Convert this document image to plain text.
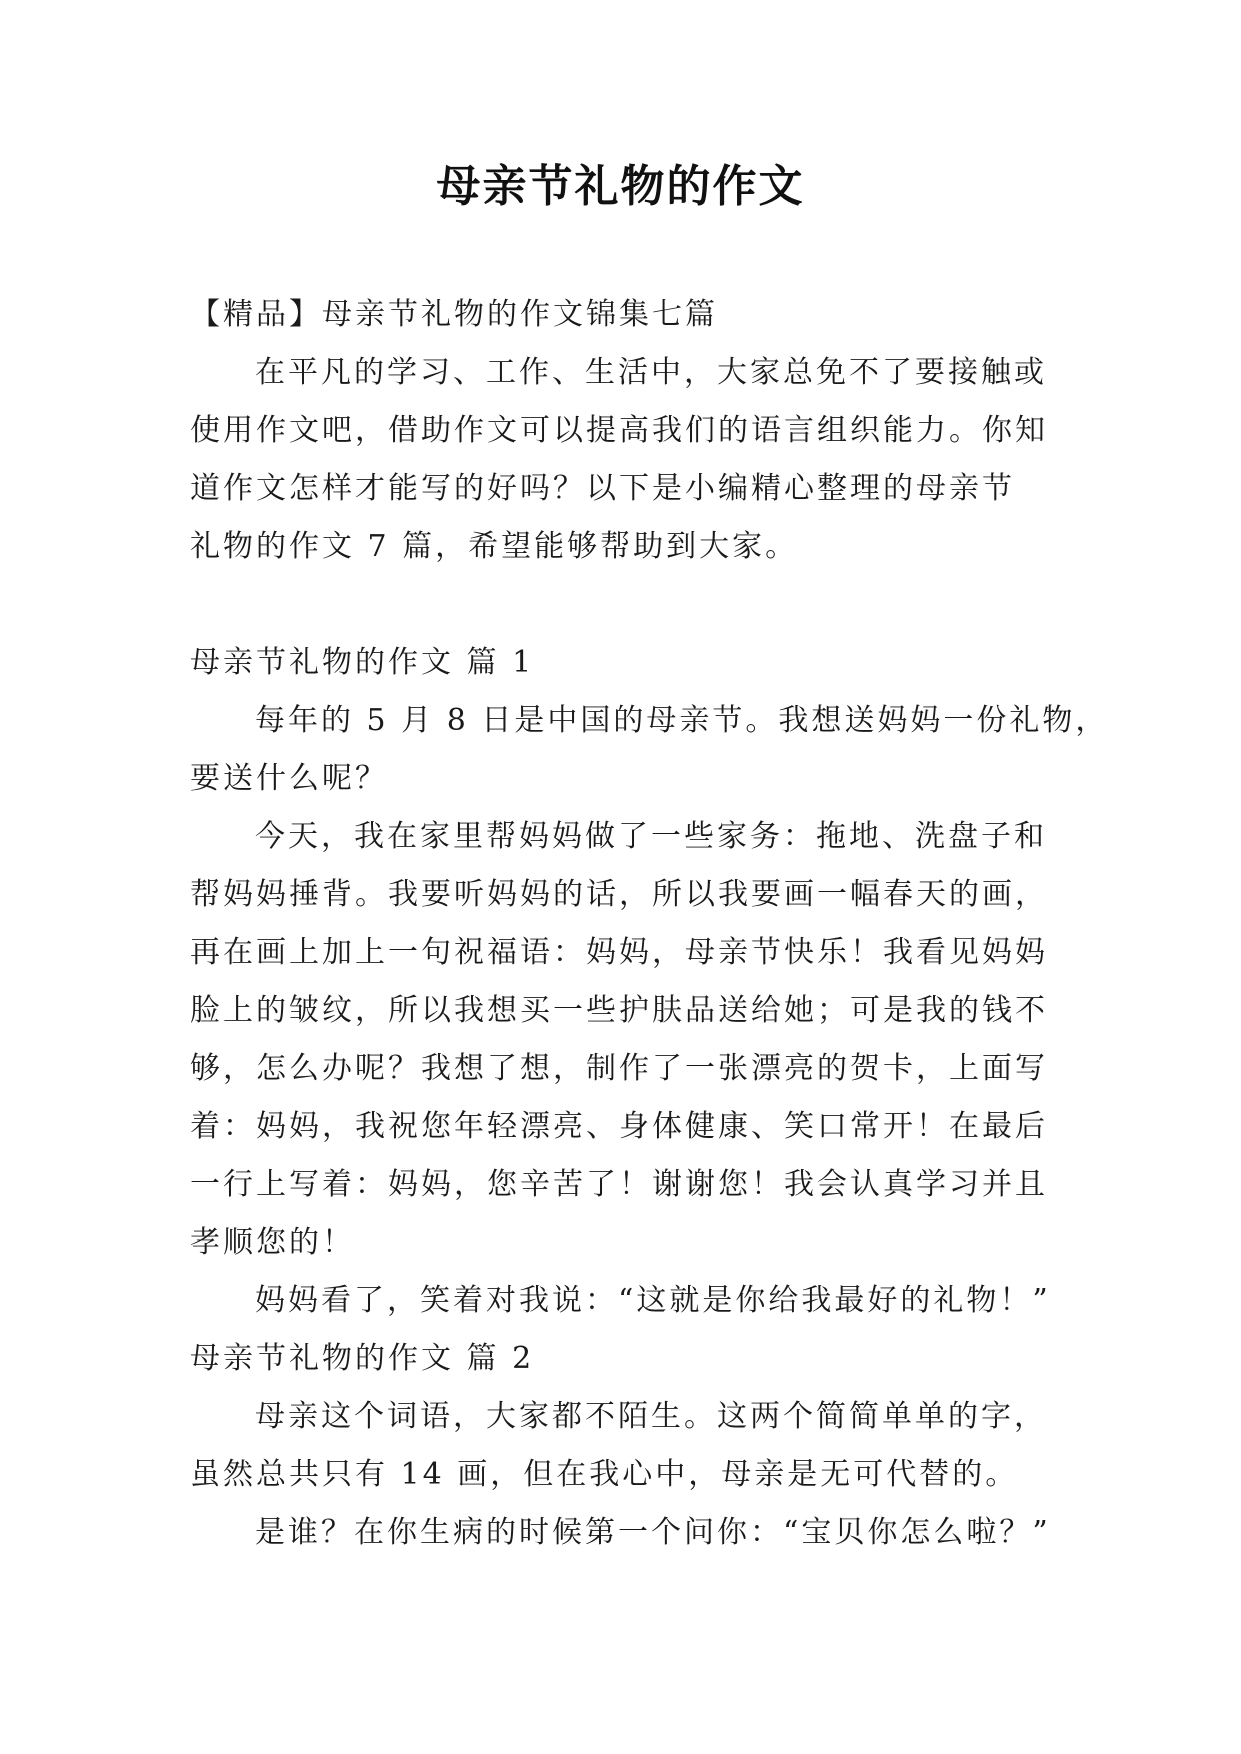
母亲节礼物的作文
【精品】母亲节礼物的作文锦集七篇
在平凡的学习、工作、生活中，大家总免不了要接触或
使用作文吧，借助作文可以提高我们的语言组织能力。你知
道作文怎样才能写的好吗？以下是小编精心整理的母亲节
礼物的作文 7 篇，希望能够帮助到大家。
母亲节礼物的作文 篇 1
每年的 5 月 8 日是中国的母亲节。我想送妈妈一份礼物，
要送什么呢？
今天，我在家里帮妈妈做了一些家务：拖地、洗盘子和
帮妈妈捶背。我要听妈妈的话，所以我要画一幅春天的画，
再在画上加上一句祝福语：妈妈，母亲节快乐！我看见妈妈
脸上的皱纹，所以我想买一些护肤品送给她；可是我的钱不
够，怎么办呢？我想了想，制作了一张漂亮的贺卡，上面写
着：妈妈，我祝您年轻漂亮、身体健康、笑口常开！在最后
一行上写着：妈妈，您辛苦了！谢谢您！我会认真学习并且
孝顺您的！
妈妈看了，笑着对我说：“这就是你给我最好的礼物！”
母亲节礼物的作文 篇 2
母亲这个词语，大家都不陌生。这两个简简单单的字，
虽然总共只有 14 画，但在我心中，母亲是无可代替的。
是谁？在你生病的时候第一个问你：“宝贝你怎么啦？”
